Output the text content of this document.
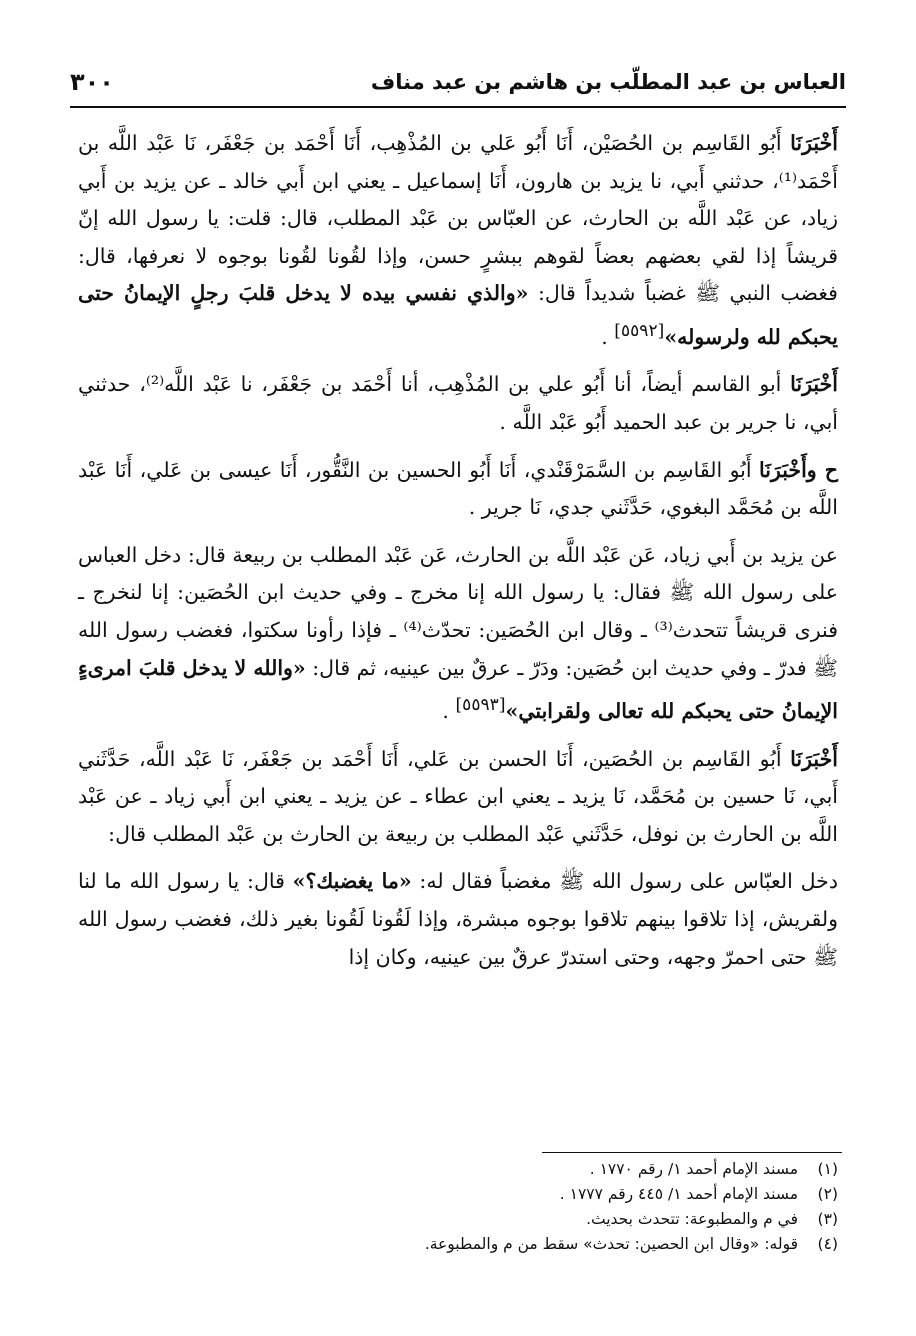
العباس بن عبد المطلّب بن هاشم بن عبد مناف
٣٠٠

أَخْبَرَنَا أَبُو القَاسِم بن الحُصَيْن، أَنَا أَبُو عَلي بن المُذْهِب، أَنَا أَحْمَد بن جَعْفَر، نَا عَبْد اللَّه بن أَحْمَد⁽¹⁾، حدثني أَبي، نا يزيد بن هارون، أَنَا إسماعيل ـ يعني ابن أَبي خالد ـ عن يزيد بن أَبي زياد، عن عَبْد اللَّه بن الحارث، عن العبّاس بن عَبْد المطلب، قال: قلت: يا رسول الله إنّ قريشاً إذا لقي بعضهم بعضاً لقوهم ببشرٍ حسن، وإذا لقُونا لقُونا بوجوه لا نعرفها، قال: فغضب النبي ﷺ غضباً شديداً قال: «والذي نفسي بيده لا يدخل قلبَ رجلٍ الإيمانُ حتى يحبكم لله ولرسوله»[٥٥٩٢] .

أَخْبَرَنَا أبو القاسم أيضاً، أنا أَبُو علي بن المُذْهِب، أنا أَحْمَد بن جَعْفَر، نا عَبْد اللَّه⁽²⁾، حدثني أبي، نا جرير بن عبد الحميد أَبُو عَبْد اللَّه .

ح وأَخْبَرَنَا أَبُو القَاسِم بن السَّمَرْقَنْدي، أَنَا أَبُو الحسين بن النَّقُّور، أَنَا عيسى بن عَلي، أَنَا عَبْد اللَّه بن مُحَمَّد البغوي، حَدَّثَني جدي، نَا جرير .

عن يزيد بن أَبي زياد، عَن عَبْد اللَّه بن الحارث، عَن عَبْد المطلب بن ربيعة قال: دخل العباس على رسول الله ﷺ فقال: يا رسول الله إنا مخرج ـ وفي حديث ابن الحُصَين: إنا لنخرج ـ فنرى قريشاً تتحدث⁽³⁾ ـ وقال ابن الحُصَين: تحدّث⁽⁴⁾ ـ فإذا رأونا سكتوا، فغضب رسول الله ﷺ فدرّ ـ وفي حديث ابن حُصَين: ودَرّ ـ عرقٌ بين عينيه، ثم قال: «والله لا يدخل قلبَ امرىءٍ الإيمانُ حتى يحبكم لله تعالى ولقرابتي»[٥٥٩٣] .

أَخْبَرَنَا أَبُو القَاسِم بن الحُصَين، أَنَا الحسن بن عَلي، أَنَا أَحْمَد بن جَعْفَر، نَا عَبْد اللَّه، حَدَّثَني أَبي، نَا حسين بن مُحَمَّد، نَا يزيد ـ يعني ابن عطاء ـ عن يزيد ـ يعني ابن أَبي زياد ـ عن عَبْد اللَّه بن الحارث بن نوفل، حَدَّثَني عَبْد المطلب بن ربيعة بن الحارث بن عَبْد المطلب قال:

دخل العبّاس على رسول الله ﷺ مغضباً فقال له: «ما يغضبك؟» قال: يا رسول الله ما لنا ولقريش، إذا تلاقوا بينهم تلاقوا بوجوه مبشرة، وإذا لَقُونا لَقُونا بغير ذلك، فغضب رسول الله ﷺ حتى احمرّ وجهه، وحتى استدرّ عرقٌ بين عينيه، وكان إذا

(١)مسند الإمام أحمد ١/ رقم ١٧٧٠ .
(٢)مسند الإمام أحمد ١/ ٤٤٥ رقم ١٧٧٧ .
(٣)في م والمطبوعة: تتحدث بحديث.
(٤)قوله: «وقال ابن الحصين: تحدث» سقط من م والمطبوعة.
